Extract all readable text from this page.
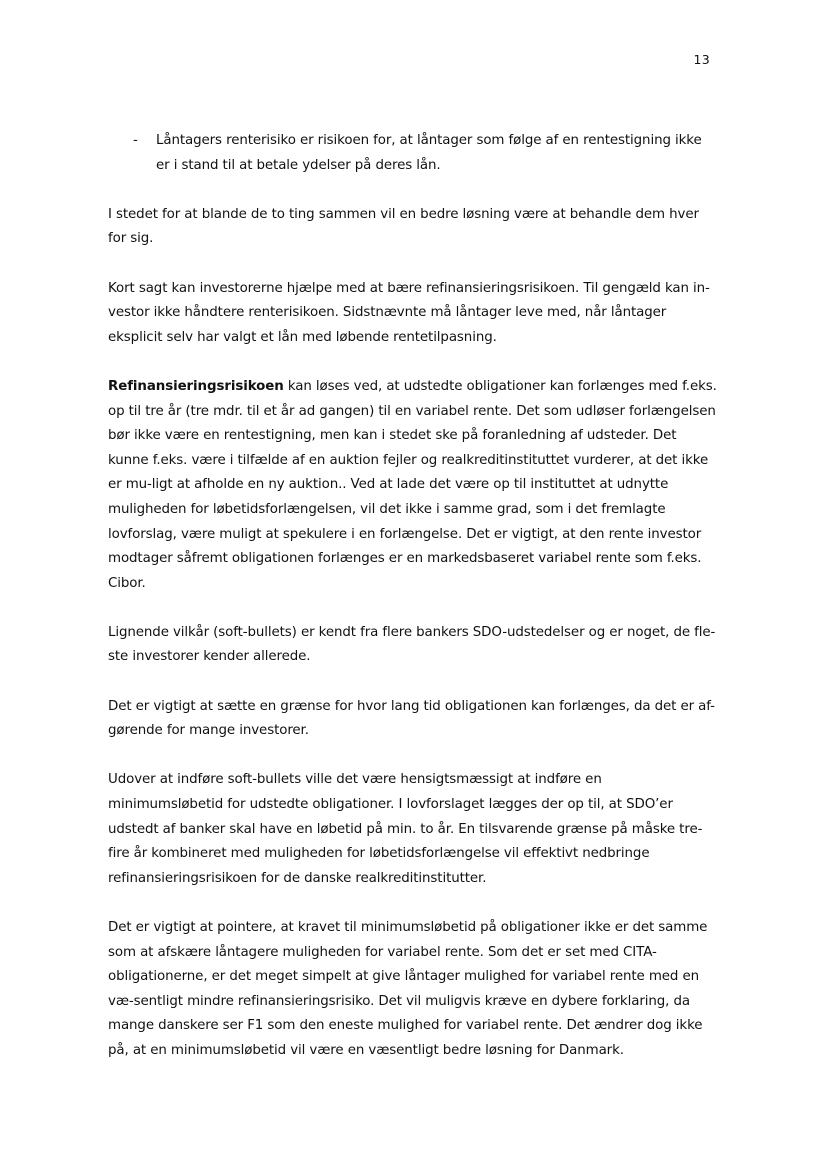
13
- Låntagers renterisiko er risikoen for, at låntager som følge af en rentestigning ikke er i stand til at betale ydelser på deres lån.

I stedet for at blande de to ting sammen vil en bedre løsning være at behandle dem hver for sig.

Kort sagt kan investorerne hjælpe med at bære refinansieringsrisikoen. Til gengæld kan in-vestor ikke håndtere renterisikoen. Sidstnævnte må låntager leve med, når låntager eksplicit selv har valgt et lån med løbende rentetilpasning.

Refinansieringsrisikoen kan løses ved, at udstedte obligationer kan forlænges med f.eks. op til tre år (tre mdr. til et år ad gangen) til en variabel rente. Det som udløser forlængelsen bør ikke være en rentestigning, men kan i stedet ske på foranledning af udsteder. Det kunne f.eks. være i tilfælde af en auktion fejler og realkreditinstituttet vurderer, at det ikke er mu-ligt at afholde en ny auktion.. Ved at lade det være op til instituttet at udnytte muligheden for løbetidsforlængelsen, vil det ikke i samme grad, som i det fremlagte lovforslag, være muligt at spekulere i en forlængelse. Det er vigtigt, at den rente investor modtager såfremt obligationen forlænges er en markedsbaseret variabel rente som f.eks. Cibor.

Lignende vilkår (soft-bullets) er kendt fra flere bankers SDO-udstedelser og er noget, de fle-ste investorer kender allerede.

Det er vigtigt at sætte en grænse for hvor lang tid obligationen kan forlænges, da det er af-gørende for mange investorer.

Udover at indføre soft-bullets ville det være hensigtsmæssigt at indføre en minimumsløbetid for udstedte obligationer. I lovforslaget lægges der op til, at SDO’er udstedt af banker skal have en løbetid på min. to år. En tilsvarende grænse på måske tre-fire år kombineret med muligheden for løbetidsforlængelse vil effektivt nedbringe refinansieringsrisikoen for de danske realkreditinstitutter.

Det er vigtigt at pointere, at kravet til minimumsløbetid på obligationer ikke er det samme som at afskære låntagere muligheden for variabel rente. Som det er set med CITA-obligationerne, er det meget simpelt at give låntager mulighed for variabel rente med en væ-sentligt mindre refinansieringsrisiko. Det vil muligvis kræve en dybere forklaring, da mange danskere ser F1 som den eneste mulighed for variabel rente. Det ændrer dog ikke på, at en minimumsløbetid vil være en væsentligt bedre løsning for Danmark.
